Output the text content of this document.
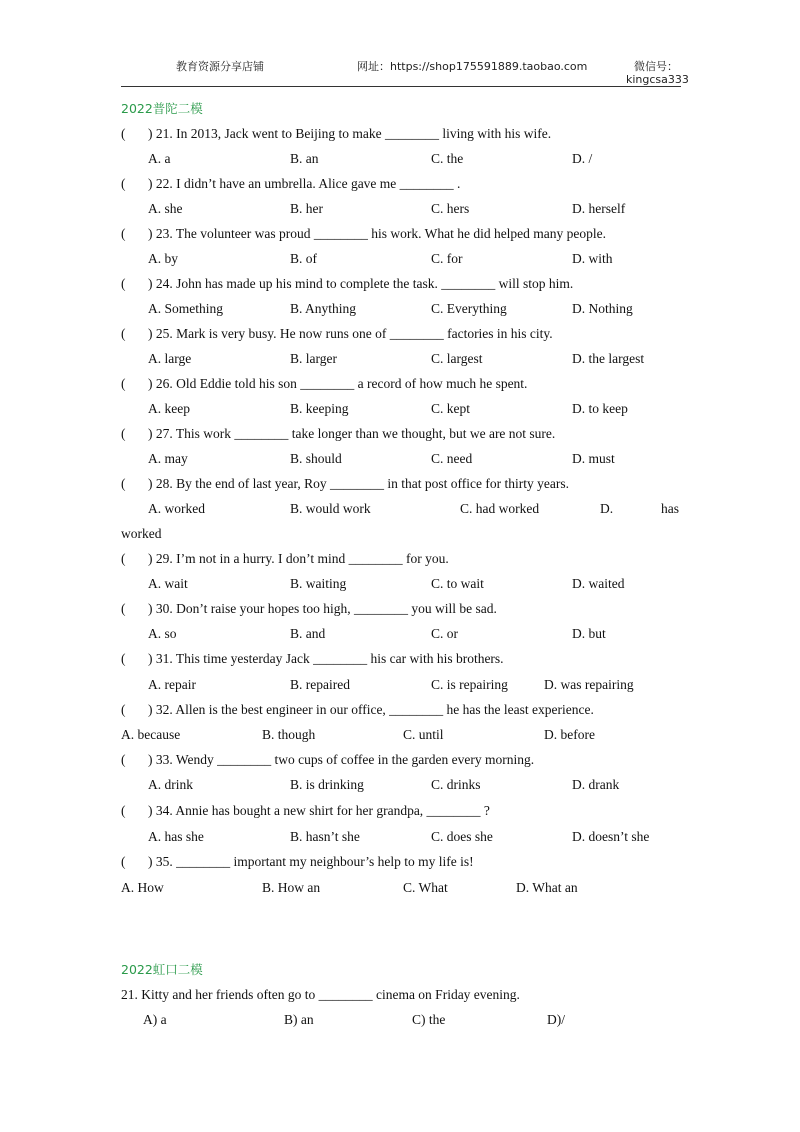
教育资源分享店铺	网址：https://shop175591889.taobao.com	微信号：
kingcsa333
2022普陀二模
( ) 21. In 2013, Jack went to Beijing to make ________ living with his wife.
A. a	B. an	C. the	D. /
( ) 22. I didn’t have an umbrella. Alice gave me ________ .
A. she	B. her	C. hers	D. herself
( ) 23. The volunteer was proud ________ his work. What he did helped many people.
A. by	B. of	C. for	D. with
( ) 24. John has made up his mind to complete the task. ________ will stop him.
A. Something	B. Anything	C. Everything	D. Nothing
( ) 25. Mark is very busy. He now runs one of ________ factories in his city.
A. large	B. larger	C. largest	D. the largest
( ) 26. Old Eddie told his son ________ a record of how much he spent.
A. keep	B. keeping	C. kept	D. to keep
( ) 27. This work ________ take longer than we thought, but we are not sure.
A. may	B. should	C. need	D. must
( ) 28. By the end of last year, Roy ________ in that post office for thirty years.
A. worked	B. would work	C. had worked	D.	has
worked
( ) 29. I’m not in a hurry. I don’t mind ________ for you.
A. wait	B. waiting	C. to wait	D. waited
( ) 30. Don’t raise your hopes too high, ________ you will be sad.
A. so	B. and	C. or	D. but
( ) 31. This time yesterday Jack ________ his car with his brothers.
A. repair	B. repaired	C. is repairing	D. was repairing
( ) 32. Allen is the best engineer in our office, ________ he has the least experience.
A. because	B. though	C. until	D. before
( ) 33. Wendy ________ two cups of coffee in the garden every morning.
A. drink	B. is drinking	C. drinks	D. drank
( ) 34. Annie has bought a new shirt for her grandpa, ________ ?
A. has she	B. hasn’t she	C. does she	D. doesn’t she
( ) 35. ________ important my neighbour’s help to my life is!
A. How	B. How an	C. What	D. What an
2022虹口二模
21. Kitty and her friends often go to ________ cinema on Friday evening.
A) a	B) an	C) the	D)/
